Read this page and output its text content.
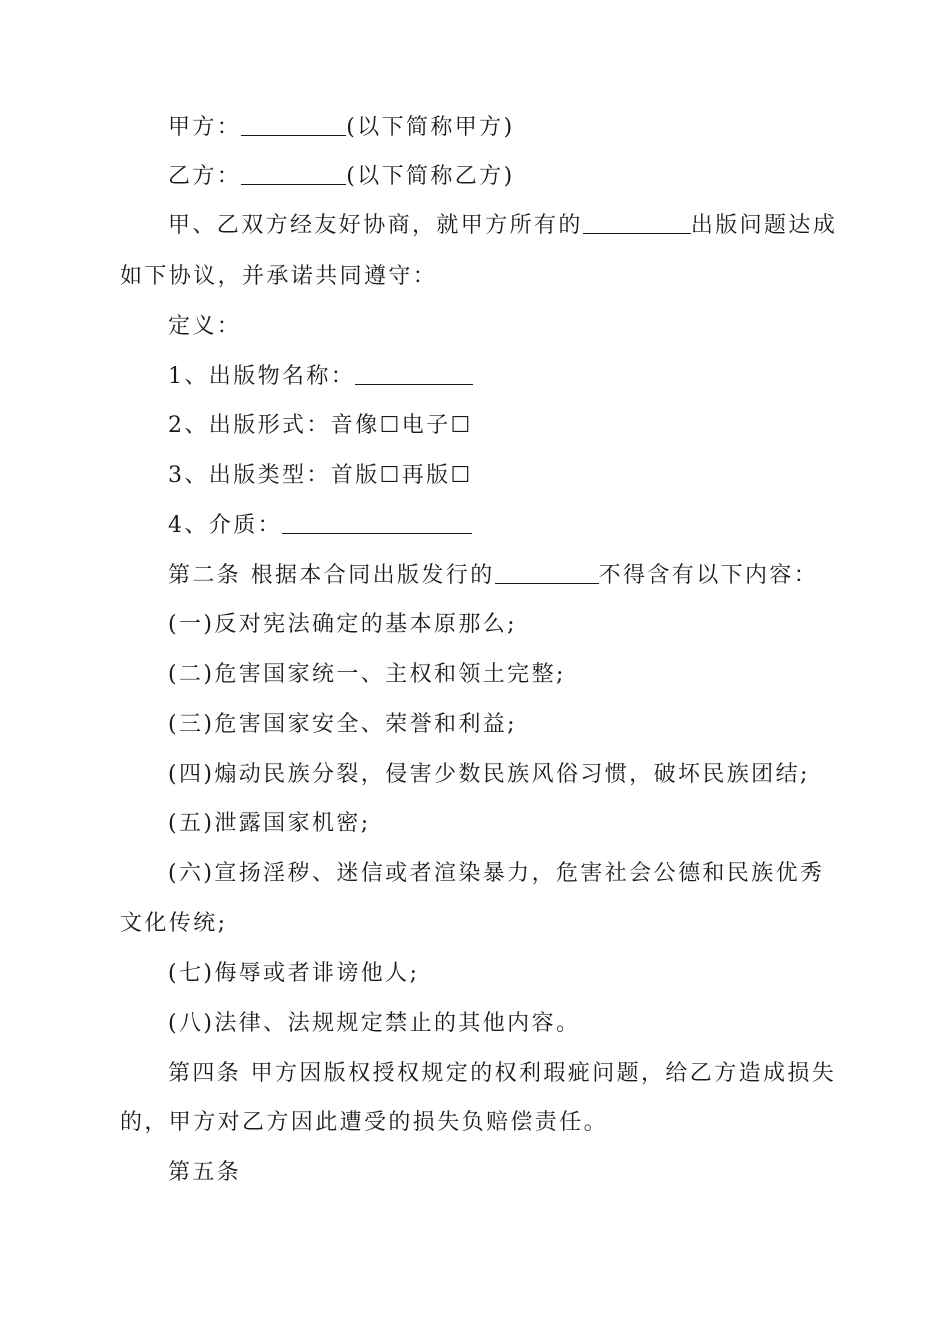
甲方：	(以下简称甲方)
乙方：	(以下简称乙方)
甲、乙双方经友好协商，就甲方所有的	出版问题达成
如下协议，并承诺共同遵守：
定义：
1、出版物名称：
2、出版形式：音像☐电子☐
3、出版类型：首版☐再版☐
4、介质：
第二条 根据本合同出版发行的	不得含有以下内容：
(一)反对宪法确定的基本原那么;
(二)危害国家统一、主权和领土完整;
(三)危害国家安全、荣誉和利益;
(四)煽动民族分裂，侵害少数民族风俗习惯，破坏民族团结;
(五)泄露国家机密;
(六)宣扬淫秽、迷信或者渲染暴力，危害社会公德和民族优秀
文化传统;
(七)侮辱或者诽谤他人;
(八)法律、法规规定禁止的其他内容。
第四条 甲方因版权授权规定的权利瑕疵问题，给乙方造成损失
的，甲方对乙方因此遭受的损失负赔偿责任。
第五条
